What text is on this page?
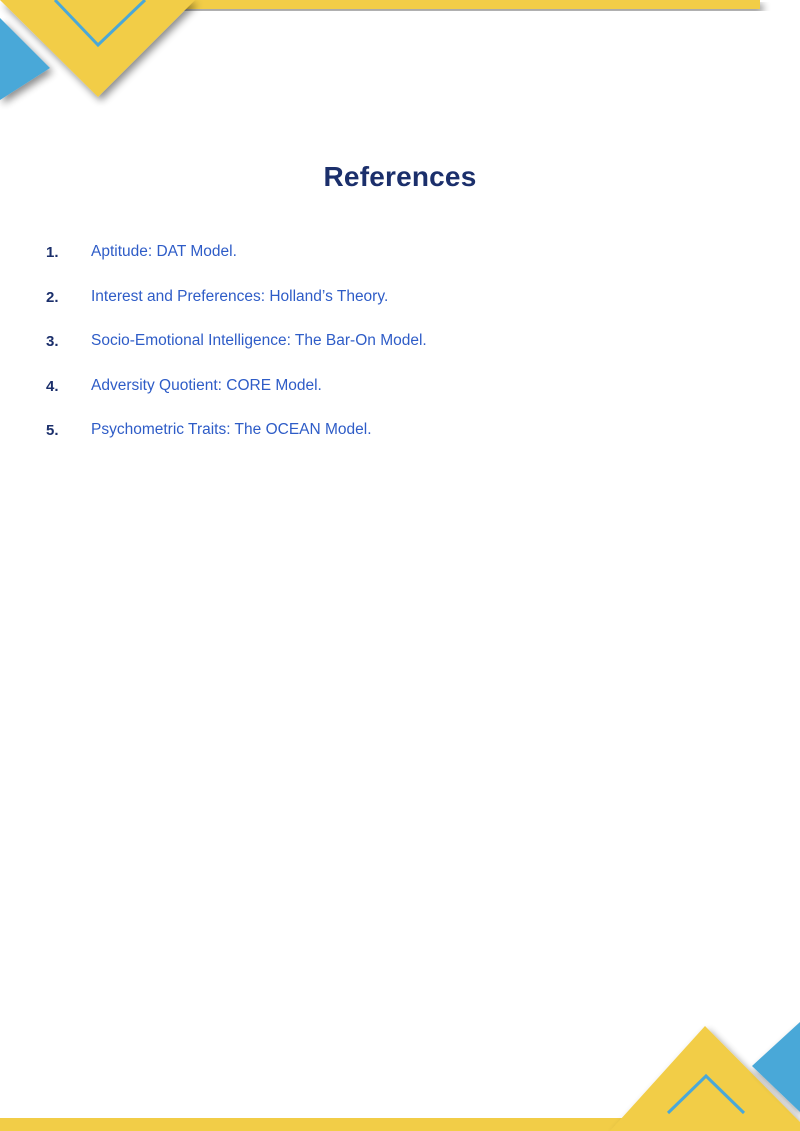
References
1.	Aptitude: DAT Model.
2.	Interest and Preferences: Holland’s Theory.
3.	Socio-Emotional Intelligence: The Bar-On Model.
4.	Adversity Quotient: CORE Model.
5.	Psychometric Traits: The OCEAN Model.
